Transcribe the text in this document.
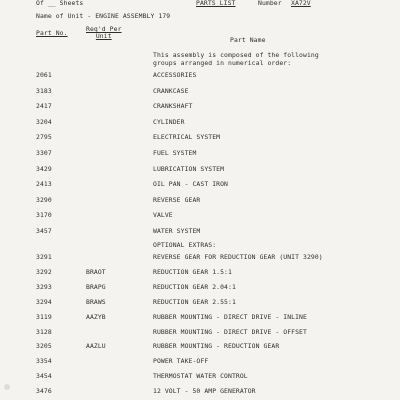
Of __ Sheets	PARTS LIST	Number XA72V
Name of Unit - ENGINE ASSEMBLY 179
Part No.	Req'd Per
Unit	Part Name
This assembly is composed of the following
groups arranged in numerical order:
2061	ACCESSORIES
3183	CRANKCASE
2417	CRANKSHAFT
3204	CYLINDER
2795	ELECTRICAL SYSTEM
3307	FUEL SYSTEM
3429	LUBRICATION SYSTEM
2413	OIL PAN - CAST IRON
3290	REVERSE GEAR
3170	VALVE
3457	WATER SYSTEM
OPTIONAL EXTRAS:
3291	REVERSE GEAR FOR REDUCTION GEAR (UNIT 3290)
3292	BRAOT	REDUCTION GEAR 1.5:1
3293	BRAPG	REDUCTION GEAR 2.04:1
3294	BRAWS	REDUCTION GEAR 2.55:1
3119	AAZYB	RUBBER MOUNTING - DIRECT DRIVE - INLINE
3128	RUBBER MOUNTING - DIRECT DRIVE - OFFSET
3205	AAZLU	RUBBER MOUNTING - REDUCTION GEAR
3354	POWER TAKE-OFF
3454	THERMOSTAT WATER CONTROL
3476	12 VOLT - 50 AMP GENERATOR
